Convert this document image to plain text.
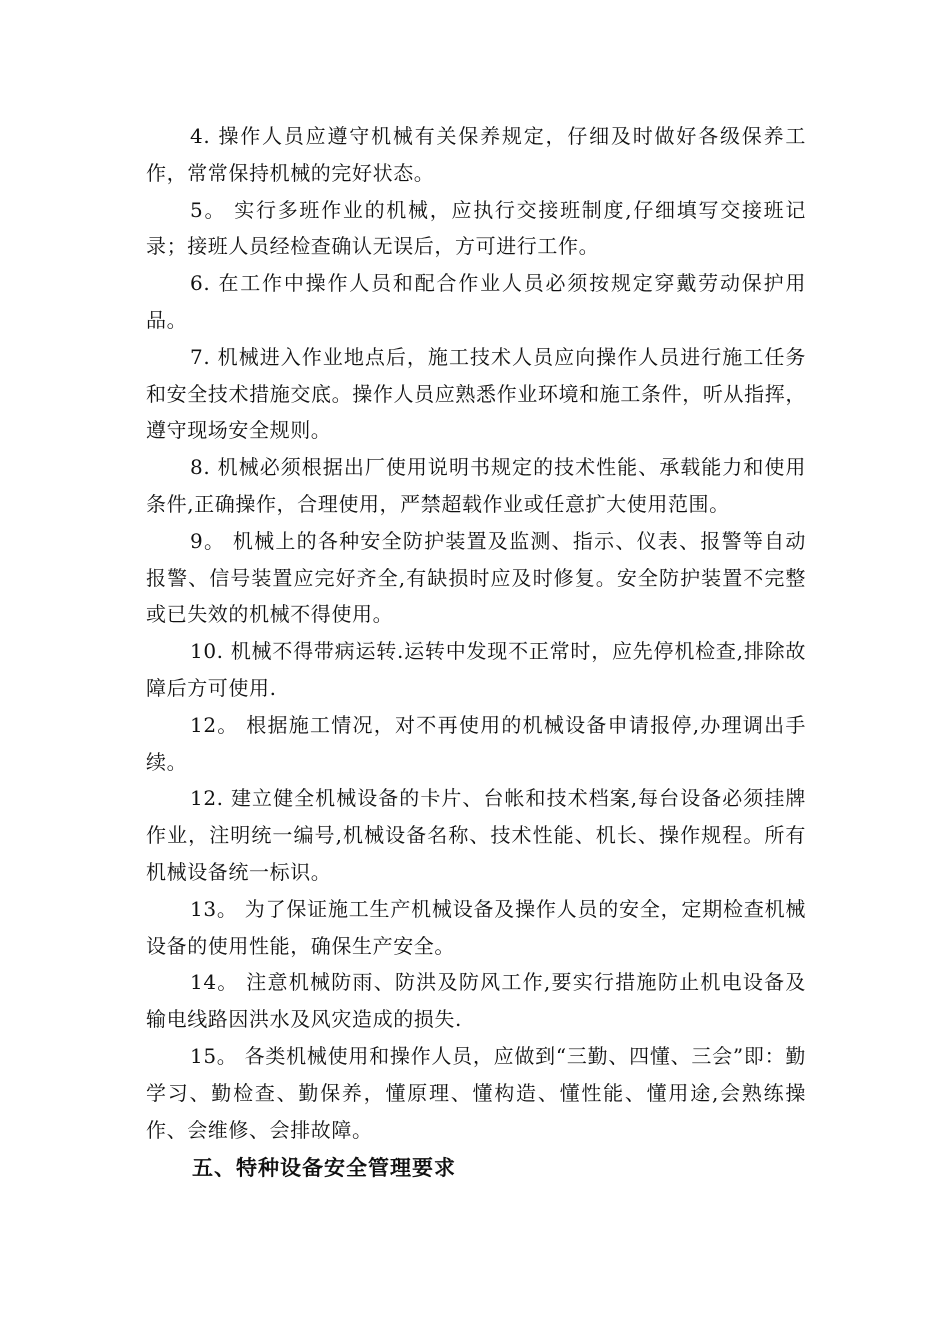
4. 操作人员应遵守机械有关保养规定，仔细及时做好各级保养工作，常常保持机械的完好状态。

5。 实行多班作业的机械，应执行交接班制度,仔细填写交接班记录；接班人员经检查确认无误后，方可进行工作。

6. 在工作中操作人员和配合作业人员必须按规定穿戴劳动保护用品。

7. 机械进入作业地点后，施工技术人员应向操作人员进行施工任务和安全技术措施交底。操作人员应熟悉作业环境和施工条件，听从指挥，遵守现场安全规则。

8. 机械必须根据出厂使用说明书规定的技术性能、承载能力和使用条件,正确操作，合理使用，严禁超载作业或任意扩大使用范围。

9。 机械上的各种安全防护装置及监测、指示、仪表、报警等自动报警、信号装置应完好齐全,有缺损时应及时修复。安全防护装置不完整或已失效的机械不得使用。

10. 机械不得带病运转.运转中发现不正常时，应先停机检查,排除故障后方可使用.

12。 根据施工情况，对不再使用的机械设备申请报停,办理调出手续。

12. 建立健全机械设备的卡片、台帐和技术档案,每台设备必须挂牌作业，注明统一编号,机械设备名称、技术性能、机长、操作规程。所有机械设备统一标识。

13。 为了保证施工生产机械设备及操作人员的安全，定期检查机械设备的使用性能，确保生产安全。

14。 注意机械防雨、防洪及防风工作,要实行措施防止机电设备及输电线路因洪水及风灾造成的损失.

15。 各类机械使用和操作人员，应做到“三勤、四懂、三会”即：勤学习、勤检查、勤保养，懂原理、懂构造、懂性能、懂用途,会熟练操作、会维修、会排故障。

五、特种设备安全管理要求
